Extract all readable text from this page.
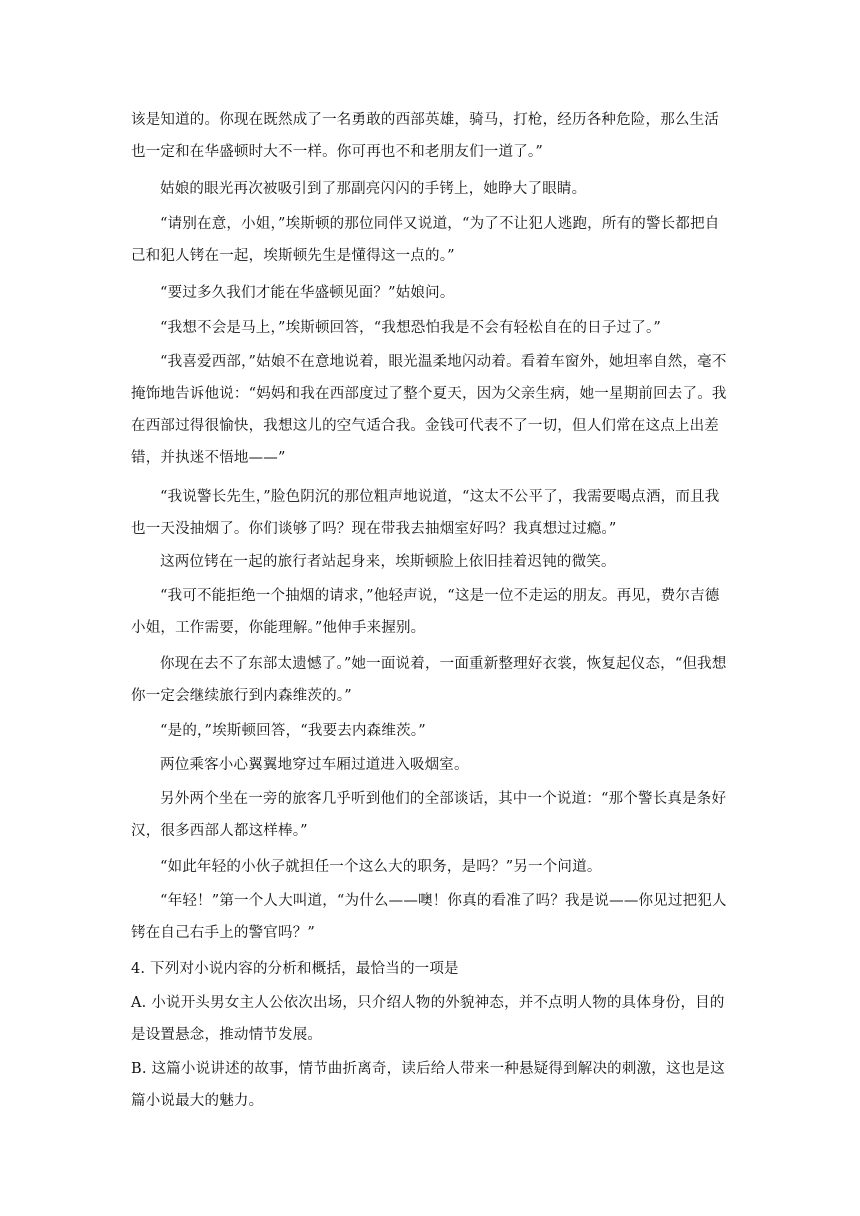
该是知道的。你现在既然成了一名勇敢的西部英雄，骑马，打枪，经历各种危险，那么生活也一定和在华盛顿时大不一样。你可再也不和老朋友们一道了。”

姑娘的眼光再次被吸引到了那副亮闪闪的手铐上，她睁大了眼睛。

“请别在意，小姐，”埃斯顿的那位同伴又说道，“为了不让犯人逃跑，所有的警长都把自己和犯人铐在一起，埃斯顿先生是懂得这一点的。”

“要过多久我们才能在华盛顿见面？”姑娘问。

“我想不会是马上，”埃斯顿回答，“我想恐怕我是不会有轻松自在的日子过了。”

“我喜爱西部，”姑娘不在意地说着，眼光温柔地闪动着。看着车窗外，她坦率自然，毫不掩饰地告诉他说：“妈妈和我在西部度过了整个夏天，因为父亲生病，她一星期前回去了。我在西部过得很愉快，我想这儿的空气适合我。金钱可代表不了一切，但人们常在这点上出差错，并执迷不悟地——”

“我说警长先生，”脸色阴沉的那位粗声地说道，“这太不公平了，我需要喝点酒，而且我也一天没抽烟了。你们谈够了吗？现在带我去抽烟室好吗？我真想过过瘾。”

这两位铐在一起的旅行者站起身来，埃斯顿脸上依旧挂着迟钝的微笑。

“我可不能拒绝一个抽烟的请求，”他轻声说，“这是一位不走运的朋友。再见，费尔吉德小姐，工作需要，你能理解。”他伸手来握别。

你现在去不了东部太遗憾了。”她一面说着，一面重新整理好衣裳，恢复起仪态，“但我想你一定会继续旅行到内森维茨的。”

“是的，”埃斯顿回答，“我要去内森维茨。”

两位乘客小心翼翼地穿过车厢过道进入吸烟室。

另外两个坐在一旁的旅客几乎听到他们的全部谈话，其中一个说道：“那个警长真是条好汉，很多西部人都这样棒。”

“如此年轻的小伙子就担任一个这么大的职务，是吗？”另一个问道。

“年轻！”第一个人大叫道，“为什么——噢！你真的看准了吗？我是说——你见过把犯人铐在自己右手上的警官吗？”

4. 下列对小说内容的分析和概括，最恰当的一项是

A. 小说开头男女主人公依次出场，只介绍人物的外貌神态，并不点明人物的具体身份，目的是设置悬念，推动情节发展。

B. 这篇小说讲述的故事，情节曲折离奇，读后给人带来一种悬疑得到解决的刺激，这也是这篇小说最大的魅力。
